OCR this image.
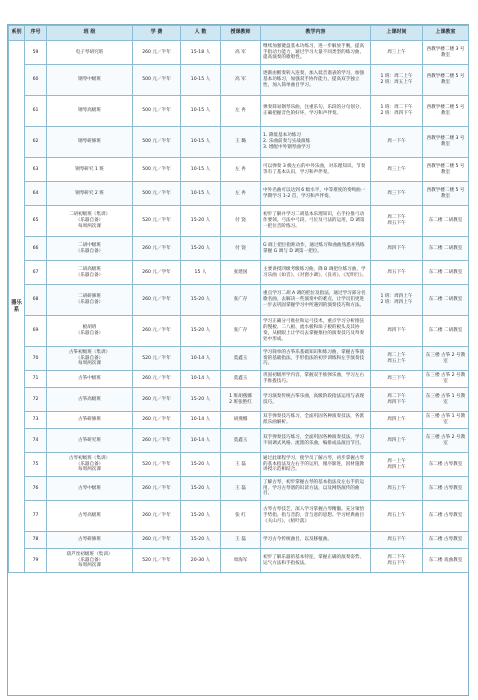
系别	序号	班 级	学 费	人 数	授课教师	教学内容	上课时间	上课教室
器乐系	59	电子琴研究班	260 元／半年	15-18 人	高 军	继续加强键盘基本功练习，进一步解放手腕，提高手指动力能力，通过学习大量不同类型的练习曲，提高演奏的歌唱性。	周三上午	西教学楼二楼 3 号教室
	60	钢琴中级班	500 元／半年	10-15 人	高 军	逐渐由断奏转入连奏，加入低音谱表的学习，加强基本功练习，加强双手协作能力，提高双手独立性，加入简单曲目学习。	1 班：周二上午
2 班：周五上午	西教学楼二楼 5 号教室
	61	钢琴高级班	500 元／半年	10-15 人	左 冉	弹奏简易钢琴乐曲，注重乐句、乐段的分句划分，正确把握音色的好坏，学习和声伴奏。	1 班：周二下午
2 班：周四下午	西教学楼二楼 5 号教室
	62	钢琴研修班	500 元／半年	10-15 人	王 璐	1. 降低基本功练习
2. 乐曲前奏与实战演练
3. 增配中外钢琴曲学习	周一下午	西教学楼二楼 3 号教室
	63	钢琴研究 1 班	500 元／半年	10-15 人	左 冉	可以弹奏 3 级左右的中外乐曲，对乐理知识、节奏等有了基本认识，学习和声伴奏。	周三上午	西教学楼二楼 5 号教室
	64	钢琴研究 2 班	500 元／半年	10-15 人	左 冉	中外名曲可以达到 6 级水平，中等难度的奏鸣曲一学期学习 1-2 首，学习和声伴奏。	周三下午	西教学楼二楼 5 号教室
	65	二胡初级班（集训）
（乐器自备）
每周两次课	520 元／半年	15-20 人	付 饶	初步了解并学习二胡基本乐理知识，右手拉推弓动作要领，弓法中弓段、弓位及弓法的运用，D 调第一把位音阶练习。	周二下午
周五下午	东二楼 二胡教室
	66	二胡中级班
（乐器自备）	260 元／半年	15-20 人	付 饶	G 调上把位指距动作，通过练习和曲曲熟悉并熟练掌握 G 调与 D 调第一把位。	周四下午	东二楼 二胡教室
	67	二胡高级班
（乐器自备）	260 元／学年	15 人	张建国	主要讲授四级考级练习曲，降 B 调把位练习曲，学习乐曲《如音》、《对窗小调》、《良宵》、《光明行》。	周五下午	东二楼 二胡教室
	68	二胡研修班
（乐器自备）	260 元／半年	15-20 人	张广存	重点学习二胡 A 调的把位及指法，通过学习部分名歌名曲，去解决一些演奏中的难点，让学员们更进一步去巩固掌握学习中所遇到的演奏技巧和方法。	1 班：周四上午
2 班：周四上午	东二楼 二胡教室
	69	板胡班
（乐器自备）	260 元／半年	15-20 人	张广存	学习正确分弓推拉和运弓技术，重点学习分析推弦的慢板、二八板、流水板和垛子板的板头及其协奏，从板眼上让学员去掌握推拉的演奏技巧及拜奏处中形成。	周四下午	东二楼 二胡教室
	70	古筝初级班（集训）
（乐器自备）
每周两次课	520 元／半年	10-14 人	莫鑫玉	学习简单的古筝乐基础知识和练习曲，掌握古筝演奏的基础指法，手形指法的初步训练和左手演奏技巧。	周二上午
周五上午	东三楼 古筝 2 号教室
	71	古筝中级班	260 元／半年	10-14 人	莫鑫玉	巩固初级所学内容，掌握双手推弹乐曲，学习左右手推拨技巧。	周三下午	东三楼 古筝 2 号教室
	72	古筝高级班	260 元／半年	15-20 人	1 班胡燕娜
2 班张艳红	学习演奏传统古筝乐曲，高级阶段指法运用与表现技巧。	周二下午
周四下午	东三楼 古筝 1 号教室
	73	古筝研修班	260 元／半年	10-14 人	胡燕娜	双手弹奏技巧练习，全面巩固各种演奏技法，各派派乐曲解析。	周四上午	东三楼 古筝 1 号教室
	74	古筝研究班	260 元／半年	10-14 人	莫鑫玉	双手弹奏技巧练习，全面巩固各种演奏技法，学习不同调式风格、流派的乐曲，编排成品演出节目。	周四上午	东三楼 古筝 2 号教室
	75	古琴初级班（集训）
（乐器自备）
每周两次课	520 元／半年	15-20 人	王 磊	通过此课程学习，使学员了解古琴，初步掌握古琴的基本指法及左右手的运用，循序渐进，因材施教讲授示范相结合。	周一上午
周四上午	东二楼 古琴教室
	76	古琴中级班	260 元／半年	15-20 人	王 磊	了解古琴，初步掌握古琴的基本指法及左右手的运用，学习古琴谱的识读方法，以及网络演传的曲目。	周五上午	东二楼 古琴教室
	77	古琴高级班	260 元／半年	15-20 人	张 红	古琴古琴技艺，深入学习掌握古琴精髓。充分领悟手势指，指与音韵，音与意的思想。学习经典曲目《关山月》、《梧叶落》	周五上午	东二楼 古琴教室
	78	古琴研修班	260 元／半年	15-20 人	王 磊	学习古今传统曲目，以及移植曲。	周五下午	东二楼 古琴教室
	79	葫芦丝初级班（集训）
（乐器自备）
每周两次课	520 元／半年	20-30 人	周海军	初步了解乐器的基本特征，掌握正确的演奏姿势、运气方法和手指按法。	周二下午
周五下午	东二楼 戏曲教室
